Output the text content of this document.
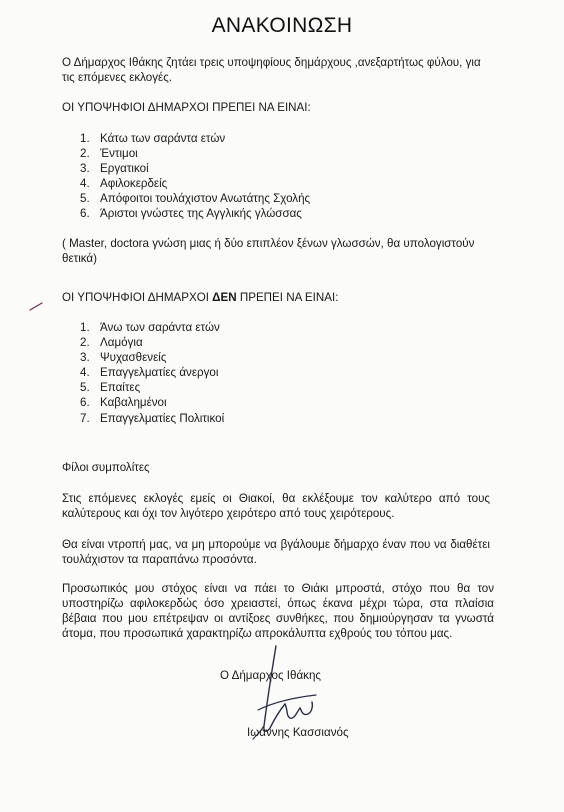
ΑΝΑΚΟΙΝΩΣΗ

Ο Δήμαρχος Ιθάκης ζητάει τρεις υποψηφίους δημάρχους ,ανεξαρτήτως φύλου, για τις επόμενες εκλογές.

ΟΙ ΥΠΟΨΗΦΙΟΙ ΔΗΜΑΡΧΟΙ ΠΡΕΠΕΙ ΝΑ ΕΙΝΑΙ:
1. Κάτω των σαράντα ετών
2. Έντιμοι
3. Εργατικοί
4. Αφιλοκερδείς
5. Απόφοιτοι τουλάχιστον Ανωτάτης Σχολής
6. Άριστοι γνώστες της Αγγλικής γλώσσας

( Master, doctora γνώση μιας ή δύο επιπλέον ξένων γλωσσών, θα υπολογιστούν θετικά)

ΟΙ ΥΠΟΨΗΦΙΟΙ ΔΗΜΑΡΧΟΙ ΔΕΝ ΠΡΕΠΕΙ ΝΑ ΕΙΝΑΙ:
1. Άνω των σαράντα ετών
2. Λαμόγια
3. Ψυχασθενείς
4. Επαγγελματίες άνεργοι
5. Επαίτες
6. Καβαλημένοι
7. Επαγγελματίες Πολιτικοί
Φίλοι συμπολίτες

Στις επόμενες εκλογές εμείς οι Θιακοί, θα εκλέξουμε τον καλύτερο από τους καλύτερους και όχι τον λιγότερο χειρότερο από τους χειρότερους.

Θα είναι ντροπή μας, να μη μπορούμε να βγάλουμε δήμαρχο έναν που να διαθέτει τουλάχιστον τα παραπάνω προσόντα.

Προσωπικός μου στόχος είναι να πάει το Θιάκι μπροστά, στόχο που θα τον υποστηρίζω αφιλοκερδώς όσο χρειαστεί, όπως έκανα μέχρι τώρα, στα πλαίσια βέβαια που μου επέτρεψαν οι αντίξοες συνθήκες, που δημιούργησαν τα γνωστά άτομα, που προσωπικά χαρακτηρίζω απροκάλυπτα εχθρούς του τόπου μας.

Ο Δήμαρχος Ιθάκης
Ιωάννης Κασσιανός
